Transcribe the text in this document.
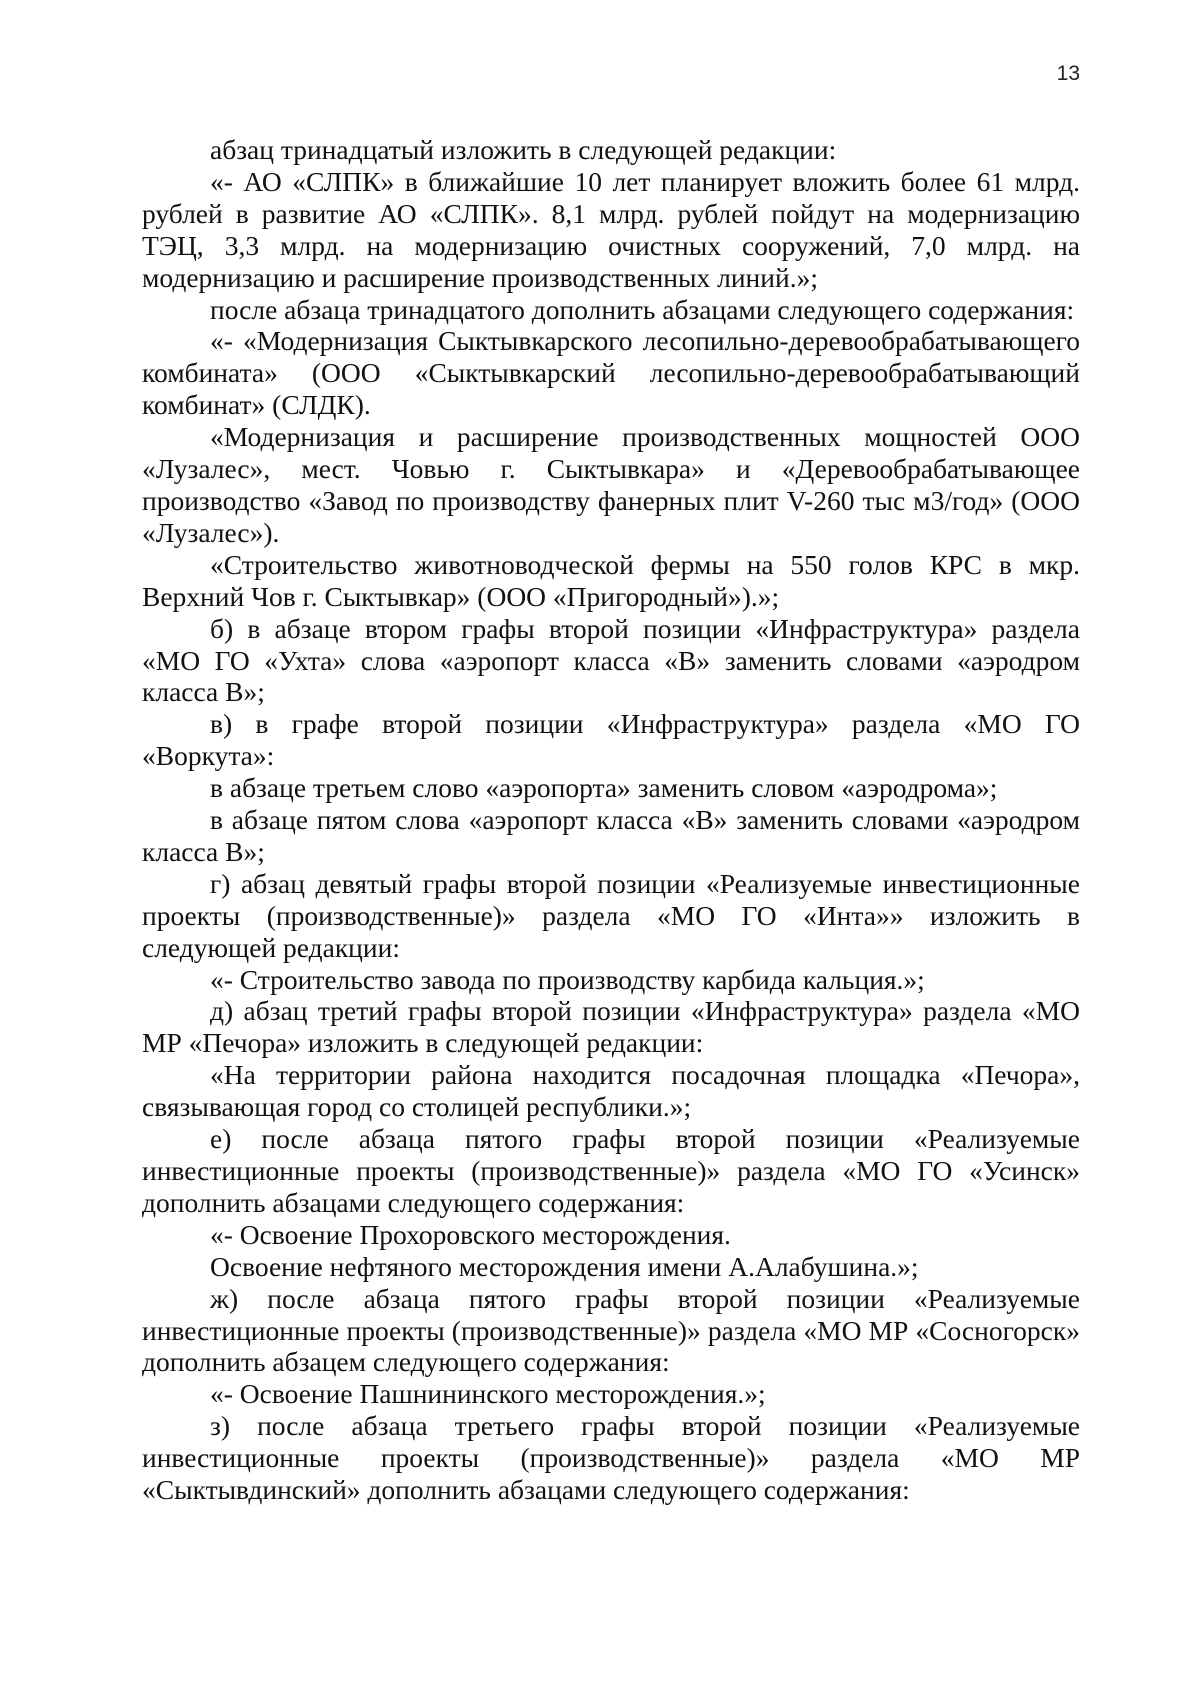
13

абзац тринадцатый изложить в следующей редакции:

«- АО «СЛПК» в ближайшие 10 лет планирует вложить более 61 млрд. рублей в развитие АО «СЛПК». 8,1 млрд. рублей пойдут на модернизацию ТЭЦ, 3,3 млрд. на модернизацию очистных сооружений, 7,0 млрд. на модернизацию и расширение производственных линий.»;

после абзаца тринадцатого дополнить абзацами следующего содержания:

«- «Модернизация Сыктывкарского лесопильно-деревообрабатывающего комбината» (ООО «Сыктывкарский лесопильно-деревообрабатывающий комбинат» (СЛДК).

«Модернизация и расширение производственных мощностей ООО «Лузалес», мест. Човью г. Сыктывкара» и «Деревообрабатывающее производство «Завод по производству фанерных плит V-260 тыс м3/год» (ООО «Лузалес»).

«Строительство животноводческой фермы на 550 голов КРС в мкр. Верхний Чов г. Сыктывкар» (ООО «Пригородный»).»;

б) в абзаце втором графы второй позиции «Инфраструктура» раздела «МО ГО «Ухта» слова «аэропорт класса «В» заменить словами «аэродром класса В»;

в) в графе второй позиции «Инфраструктура» раздела «МО ГО «Воркута»:

в абзаце третьем слово «аэропорта» заменить словом «аэродрома»;

в абзаце пятом слова «аэропорт класса «В» заменить словами «аэродром класса В»;

г) абзац девятый графы второй позиции «Реализуемые инвестиционные проекты (производственные)» раздела «МО ГО «Инта»» изложить в следующей редакции:

«- Строительство завода по производству карбида кальция.»;

д) абзац третий графы второй позиции «Инфраструктура» раздела «МО МР «Печора» изложить в следующей редакции:

«На территории района находится посадочная площадка «Печора», связывающая город со столицей республики.»;

е) после абзаца пятого графы второй позиции «Реализуемые инвестиционные проекты (производственные)» раздела «МО ГО «Усинск» дополнить абзацами следующего содержания:

«- Освоение Прохоровского месторождения.

Освоение нефтяного месторождения имени А.Алабушина.»;

ж) после абзаца пятого графы второй позиции «Реализуемые инвестиционные проекты (производственные)» раздела «МО МР «Сосногорск» дополнить абзацем следующего содержания:

«- Освоение Пашнининского месторождения.»;

з) после абзаца третьего графы второй позиции «Реализуемые инвестиционные проекты (производственные)» раздела «МО МР «Сыктывдинский» дополнить абзацами следующего содержания:
